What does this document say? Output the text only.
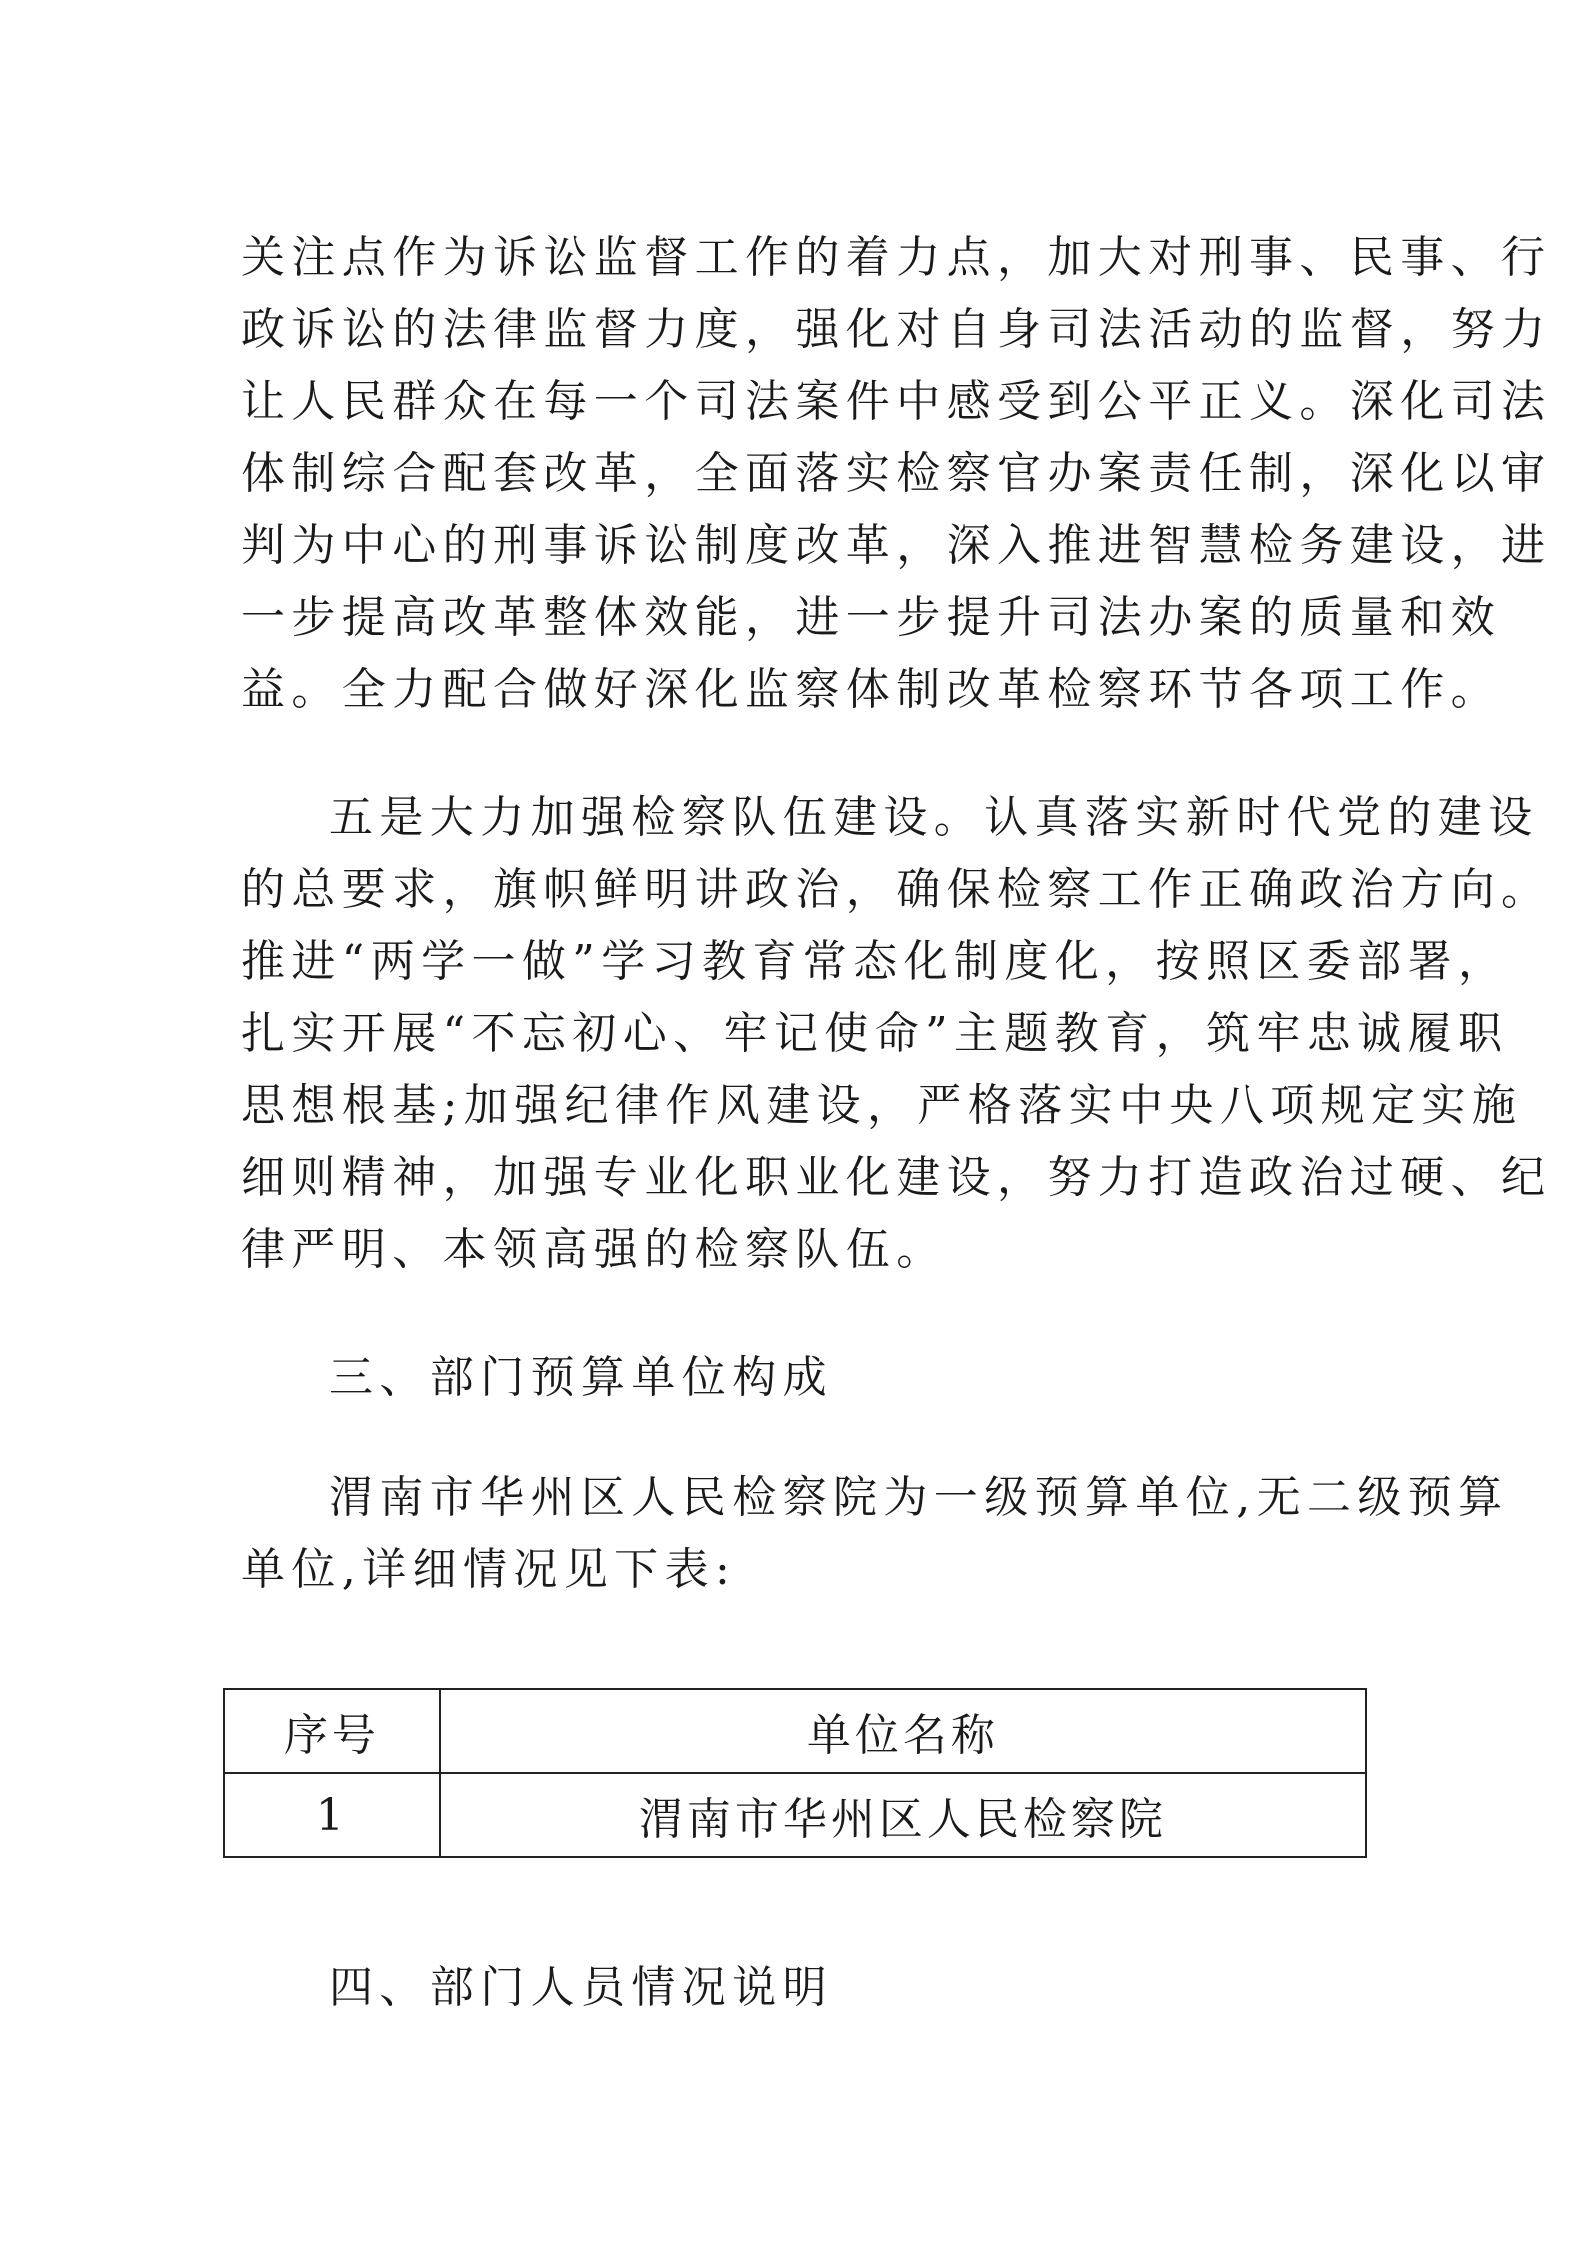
关注点作为诉讼监督工作的着力点，加大对刑事、民事、行
政诉讼的法律监督力度，强化对自身司法活动的监督，努力
让人民群众在每一个司法案件中感受到公平正义。深化司法
体制综合配套改革，全面落实检察官办案责任制，深化以审
判为中心的刑事诉讼制度改革，深入推进智慧检务建设，进
一步提高改革整体效能，进一步提升司法办案的质量和效
益。全力配合做好深化监察体制改革检察环节各项工作。
五是大力加强检察队伍建设。认真落实新时代党的建设
的总要求，旗帜鲜明讲政治，确保检察工作正确政治方向。
推进“两学一做”学习教育常态化制度化，按照区委部署，
扎实开展“不忘初心、牢记使命”主题教育，筑牢忠诚履职
思想根基;加强纪律作风建设，严格落实中央八项规定实施
细则精神，加强专业化职业化建设，努力打造政治过硬、纪
律严明、本领高强的检察队伍。
三、部门预算单位构成
渭南市华州区人民检察院为一级预算单位,无二级预算
单位,详细情况见下表:
序号	单位名称
1	渭南市华州区人民检察院
四、部门人员情况说明
